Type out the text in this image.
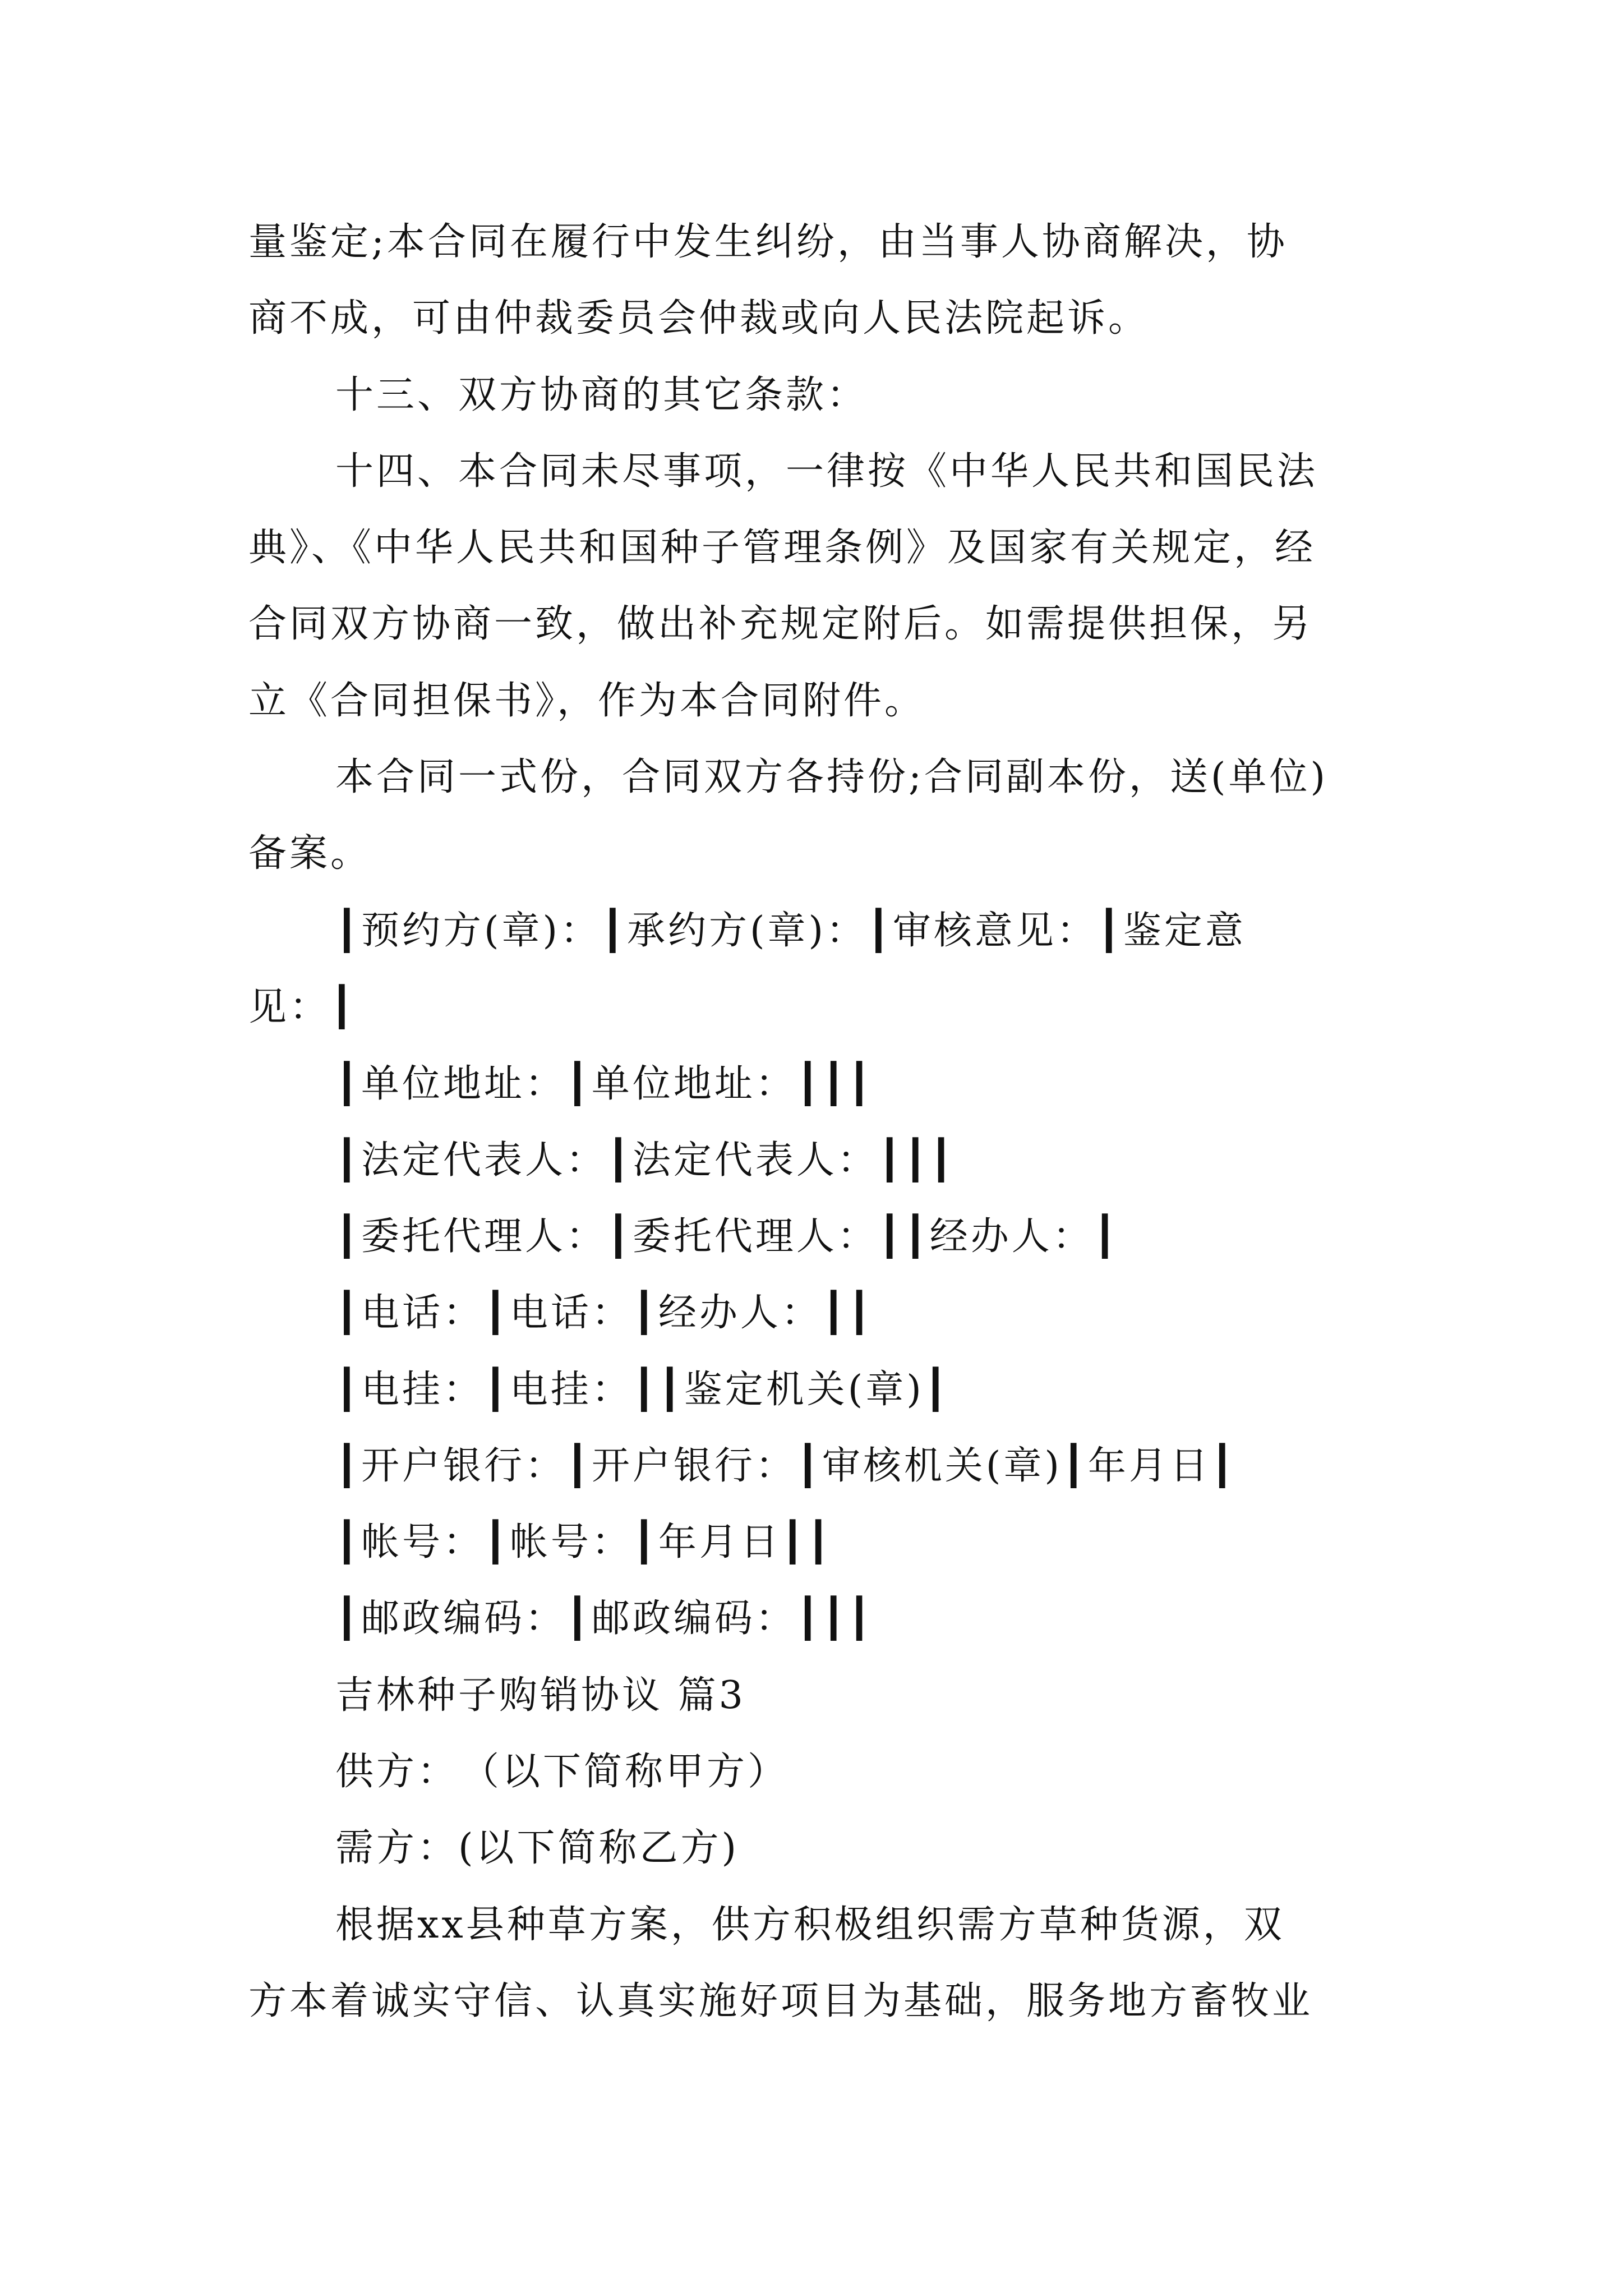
量鉴定;本合同在履行中发生纠纷，由当事人协商解决，协
商不成，可由仲裁委员会仲裁或向人民法院起诉。
十三、双方协商的其它条款：
十四、本合同未尽事项，一律按《中华人民共和国民法
典》、《中华人民共和国种子管理条例》及国家有关规定，经
合同双方协商一致，做出补充规定附后。如需提供担保，另
立《合同担保书》，作为本合同附件。
本合同一式份，合同双方各持份;合同副本份，送(单位)
备案。
┃预约方(章)：┃承约方(章)：┃审核意见：┃鉴定意
见：┃
┃单位地址：┃单位地址：┃┃┃
┃法定代表人：┃法定代表人：┃┃┃
┃委托代理人：┃委托代理人：┃┃经办人：┃
┃电话：┃电话：┃经办人：┃┃
┃电挂：┃电挂：┃┃鉴定机关(章)┃
┃开户银行：┃开户银行：┃审核机关(章)┃年月日┃
┃帐号：┃帐号：┃年月日┃┃
┃邮政编码：┃邮政编码：┃┃┃
吉林种子购销协议 篇3
供方：　（以下简称甲方）
需方：(以下简称乙方)
根据xx县种草方案，供方积极组织需方草种货源，双
方本着诚实守信、认真实施好项目为基础，服务地方畜牧业
